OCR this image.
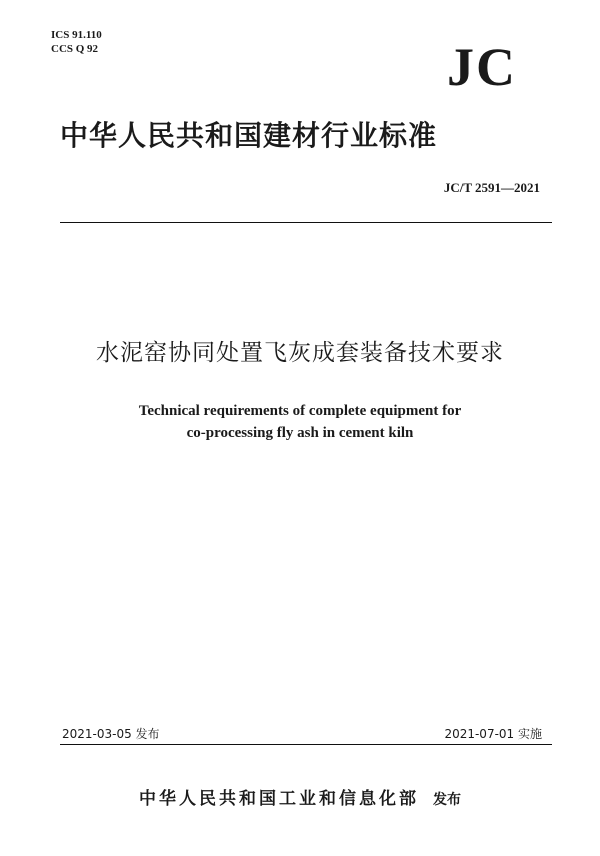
ICS 91.110
CCS Q 92	JC
中华人民共和国建材行业标准
JC/T 2591—2021
水泥窑协同处置飞灰成套装备技术要求
Technical requirements of complete equipment for
co-processing fly ash in cement kiln
2021-03-05 发布	2021-07-01 实施
中华人民共和国工业和信息化部 发布
